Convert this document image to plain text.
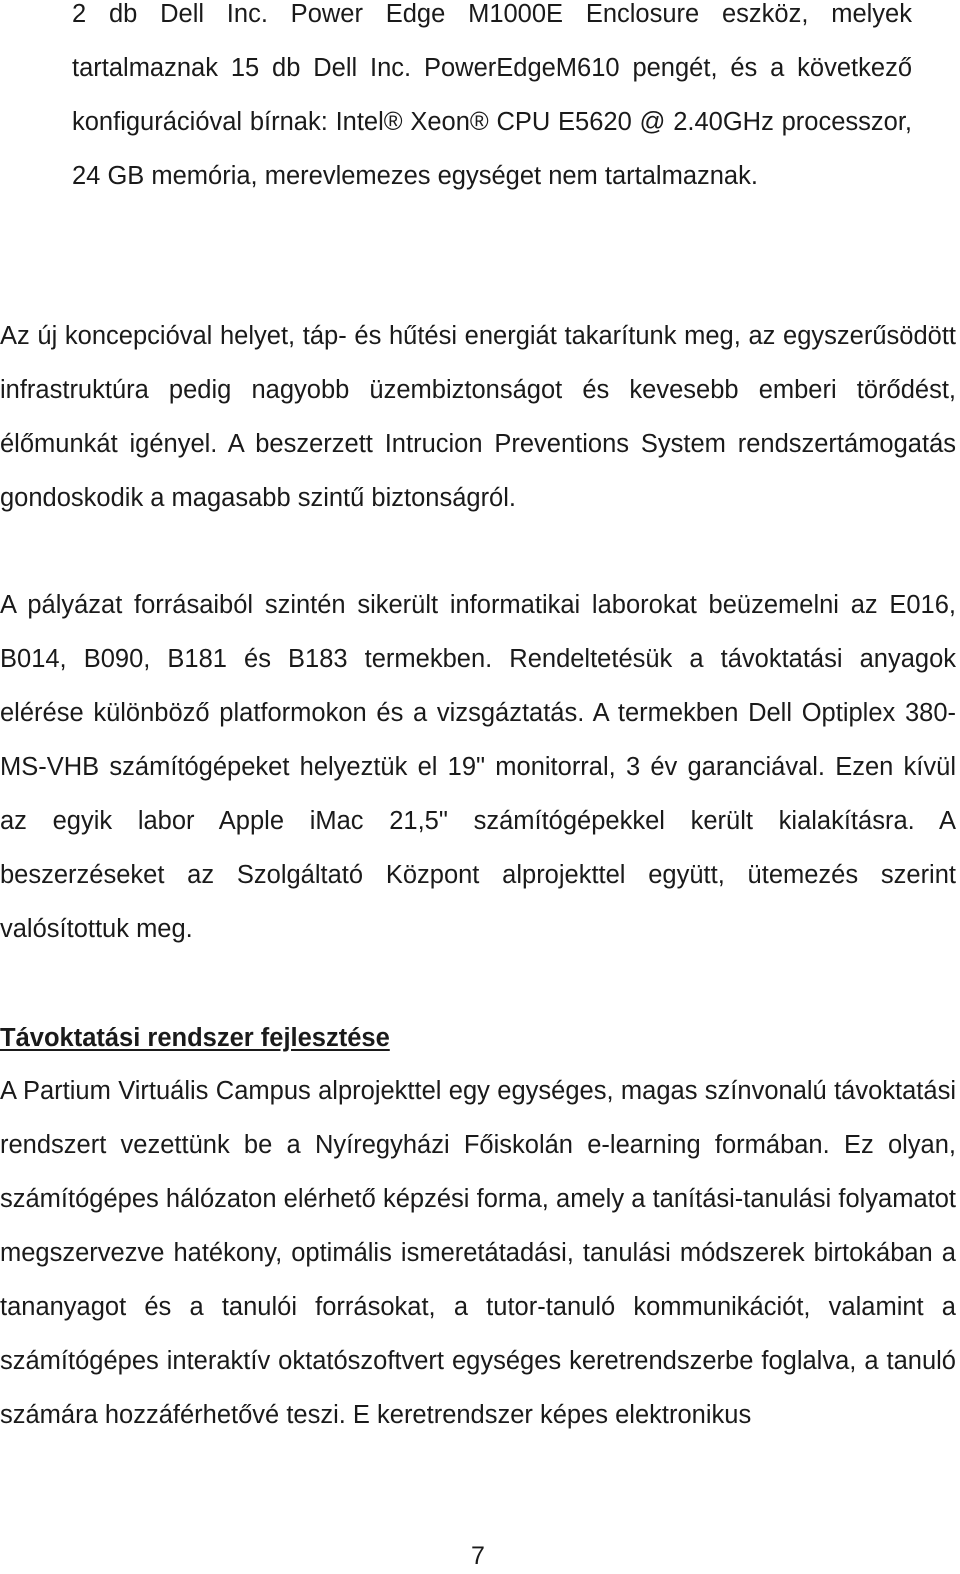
2 db Dell Inc. Power Edge M1000E Enclosure eszköz, melyek tartalmaznak 15 db Dell Inc. PowerEdgeM610 pengét, és a következő konfigurációval bírnak: Intel® Xeon® CPU E5620 @ 2.40GHz processzor, 24 GB memória, merevlemezes egységet nem tartalmaznak.

Az új koncepcióval helyet, táp- és hűtési energiát takarítunk meg, az egyszerűsödött infrastruktúra pedig nagyobb üzembiztonságot és kevesebb emberi törődést, élőmunkát igényel. A beszerzett Intrucion Preventions System rendszertámogatás gondoskodik a magasabb szintű biztonságról.

A pályázat forrásaiból szintén sikerült informatikai laborokat beüzemelni az E016, B014, B090, B181 és B183 termekben. Rendeltetésük a távoktatási anyagok elérése különböző platformokon és a vizsgáztatás. A termekben Dell Optiplex 380-MS-VHB számítógépeket helyeztük el 19" monitorral, 3 év garanciával. Ezen kívül az egyik labor Apple iMac 21,5" számítógépekkel került kialakításra. A beszerzéseket az Szolgáltató Központ alprojekttel együtt, ütemezés szerint valósítottuk meg.

Távoktatási rendszer fejlesztése

A Partium Virtuális Campus alprojekttel egy egységes, magas színvonalú távoktatási rendszert vezettünk be a Nyíregyházi Főiskolán e-learning formában. Ez olyan, számítógépes hálózaton elérhető képzési forma, amely a tanítási-tanulási folyamatot megszervezve hatékony, optimális ismeretátadási, tanulási módszerek birtokában a tananyagot és a tanulói forrásokat, a tutor-tanuló kommunikációt, valamint a számítógépes interaktív oktatószoftvert egységes keretrendszerbe foglalva, a tanuló számára hozzáférhetővé teszi. E keretrendszer képes elektronikus

7
